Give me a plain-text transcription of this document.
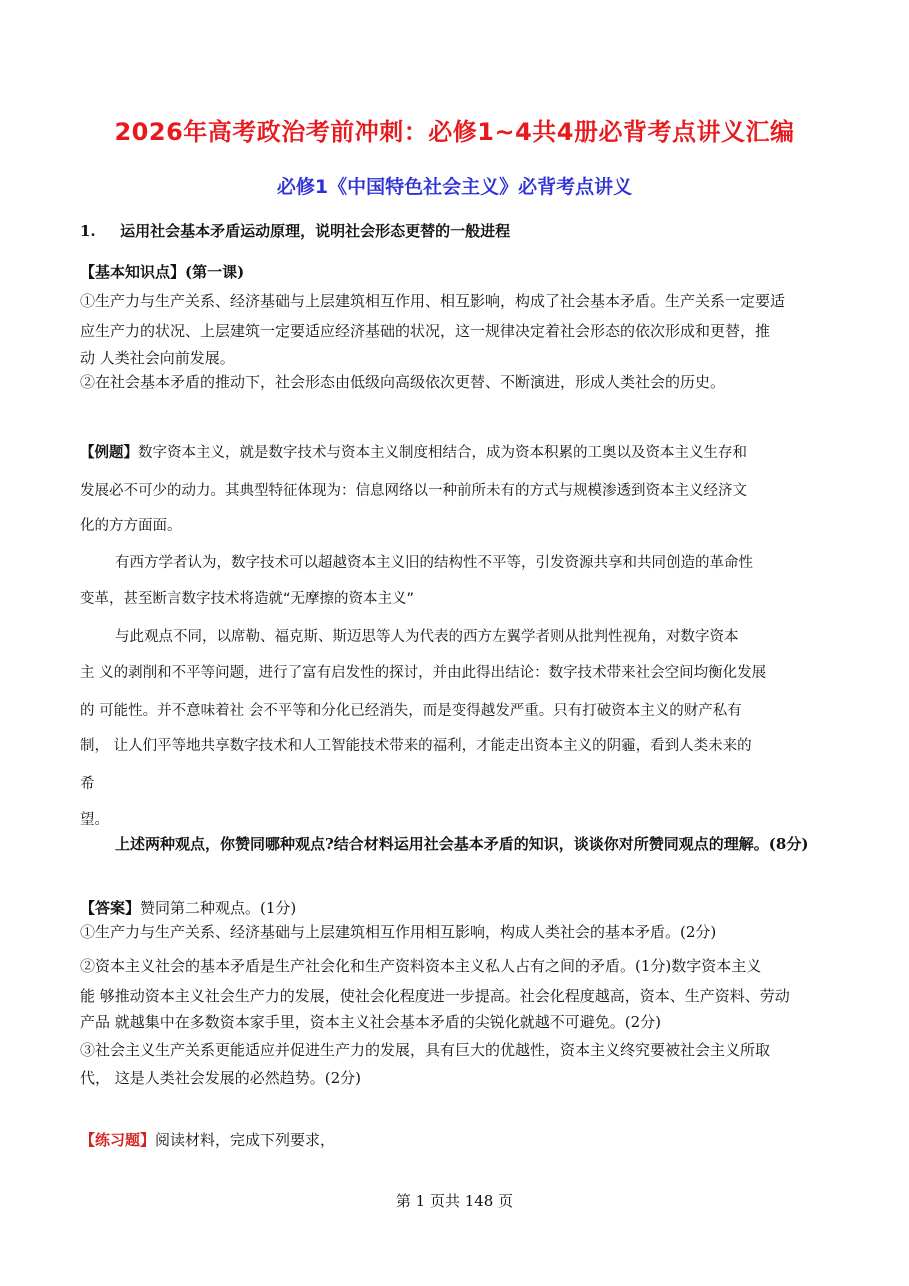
2026年高考政治考前冲刺：必修1~4共4册必背考点讲义汇编
必修1《中国特色社会主义》必背考点讲义
1. 运用社会基本矛盾运动原理，说明社会形态更替的一般进程
【基本知识点】(第一课)
①生产力与生产关系、经济基础与上层建筑相互作用、相互影响，构成了社会基本矛盾。生产关系一定要适
应生产力的状况、上层建筑一定要适应经济基础的状况，这一规律决定着社会形态的依次形成和更替，推
动 人类社会向前发展。
②在社会基本矛盾的推动下，社会形态由低级向高级依次更替、不断演进，形成人类社会的历史。
【例题】数字资本主义，就是数字技术与资本主义制度相结合，成为资本积累的工奥以及资本主义生存和
发展必不可少的动力。其典型特征体现为：信息网络以一种前所未有的方式与规模渗透到资本主义经济文
化的方方面面。
有西方学者认为，数字技术可以超越资本主义旧的结构性不平等，引发资源共享和共同创造的革命性
变革，甚至断言数字技术将造就“无摩擦的资本主义”
与此观点不同，以席勒、福克斯、斯迈思等人为代表的西方左翼学者则从批判性视角，对数字资本
主 义的剥削和不平等问题，进行了富有启发性的探讨，并由此得出结论：数字技术带来社会空间均衡化发展
的 可能性。并不意味着社 会不平等和分化已经消失，而是变得越发严重。只有打破资本主义的财产私有
制， 让人们平等地共享数字技术和人工智能技术带来的福利，才能走出资本主义的阴霾，看到人类未来的
希
望。
上述两种观点，你赞同哪种观点?结合材料运用社会基本矛盾的知识，谈谈你对所赞同观点的理解。(8分)
【答案】赞同第二种观点。(1分)
①生产力与生产关系、经济基础与上层建筑相互作用相互影响，构成人类社会的基本矛盾。(2分)
②资本主义社会的基本矛盾是生产社会化和生产资料资本主义私人占有之间的矛盾。(1分)数字资本主义
能 够推动资本主义社会生产力的发展，使社会化程度进一步提高。社会化程度越高，资本、生产资料、劳动
产品 就越集中在多数资本家手里，资本主义社会基本矛盾的尖锐化就越不可避免。(2分)
③社会主义生产关系更能适应并促进生产力的发展，具有巨大的优越性，资本主义终究要被社会主义所取
代， 这是人类社会发展的必然趋势。(2分)
【练习题】阅读材料，完成下列要求，
第 1 页共 148 页
